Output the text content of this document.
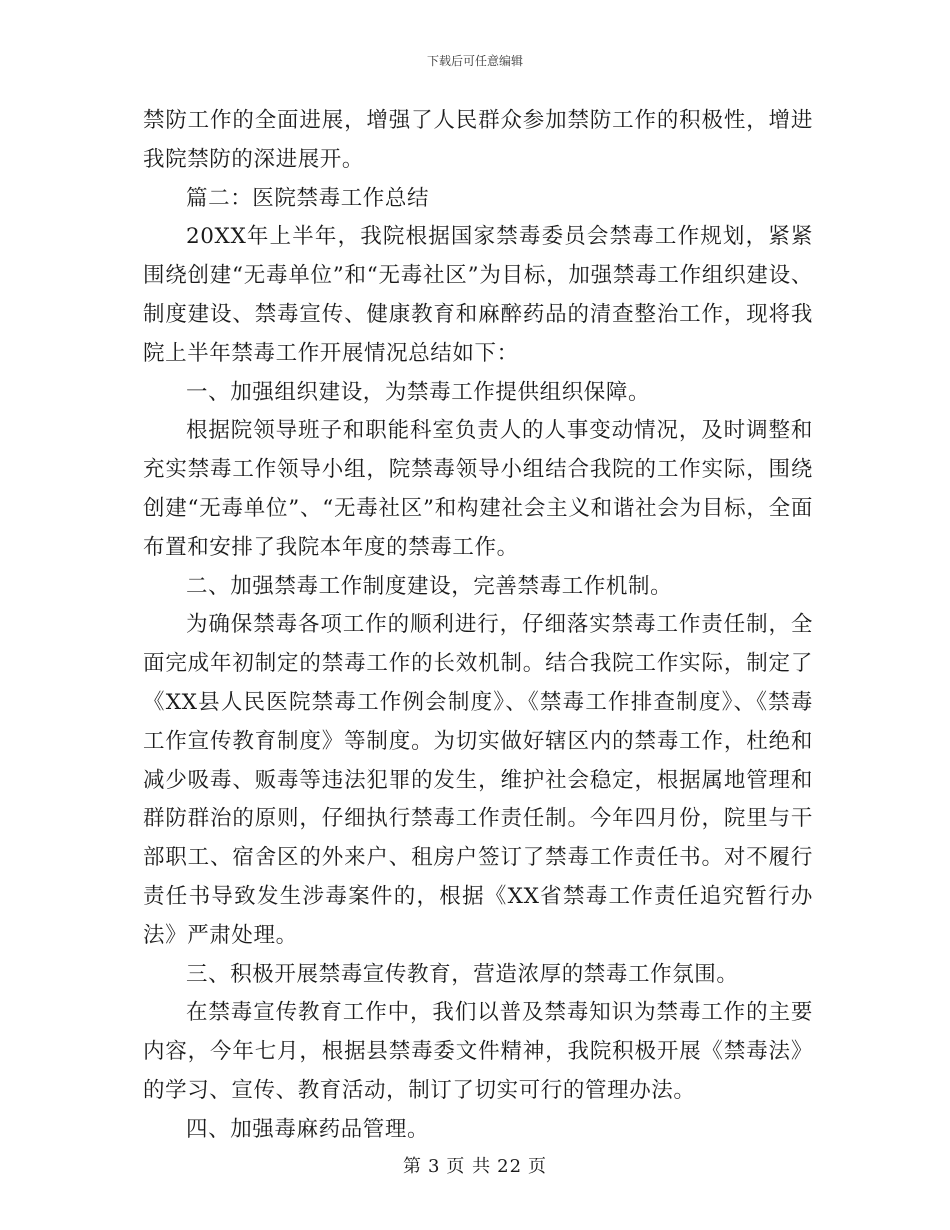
下载后可任意编辑

禁防工作的全面进展，增强了人民群众参加禁防工作的积极性，增进我院禁防的深进展开。

篇二：医院禁毒工作总结

20XX年上半年，我院根据国家禁毒委员会禁毒工作规划，紧紧围绕创建“无毒单位”和“无毒社区”为目标，加强禁毒工作组织建设、制度建设、禁毒宣传、健康教育和麻醉药品的清查整治工作，现将我院上半年禁毒工作开展情况总结如下：

一、加强组织建设，为禁毒工作提供组织保障。

根据院领导班子和职能科室负责人的人事变动情况，及时调整和充实禁毒工作领导小组，院禁毒领导小组结合我院的工作实际，围绕创建“无毒单位”、“无毒社区”和构建社会主义和谐社会为目标，全面布置和安排了我院本年度的禁毒工作。

二、加强禁毒工作制度建设，完善禁毒工作机制。

为确保禁毒各项工作的顺利进行，仔细落实禁毒工作责任制，全面完成年初制定的禁毒工作的长效机制。结合我院工作实际，制定了《XX县人民医院禁毒工作例会制度》、《禁毒工作排查制度》、《禁毒工作宣传教育制度》等制度。为切实做好辖区内的禁毒工作，杜绝和减少吸毒、贩毒等违法犯罪的发生，维护社会稳定，根据属地管理和群防群治的原则，仔细执行禁毒工作责任制。今年四月份，院里与干部职工、宿舍区的外来户、租房户签订了禁毒工作责任书。对不履行责任书导致发生涉毒案件的，根据《XX省禁毒工作责任追究暂行办法》严肃处理。

三、积极开展禁毒宣传教育，营造浓厚的禁毒工作氛围。

在禁毒宣传教育工作中，我们以普及禁毒知识为禁毒工作的主要内容，今年七月，根据县禁毒委文件精神，我院积极开展《禁毒法》的学习、宣传、教育活动，制订了切实可行的管理办法。

四、加强毒麻药品管理。

第 3 页 共 22 页
